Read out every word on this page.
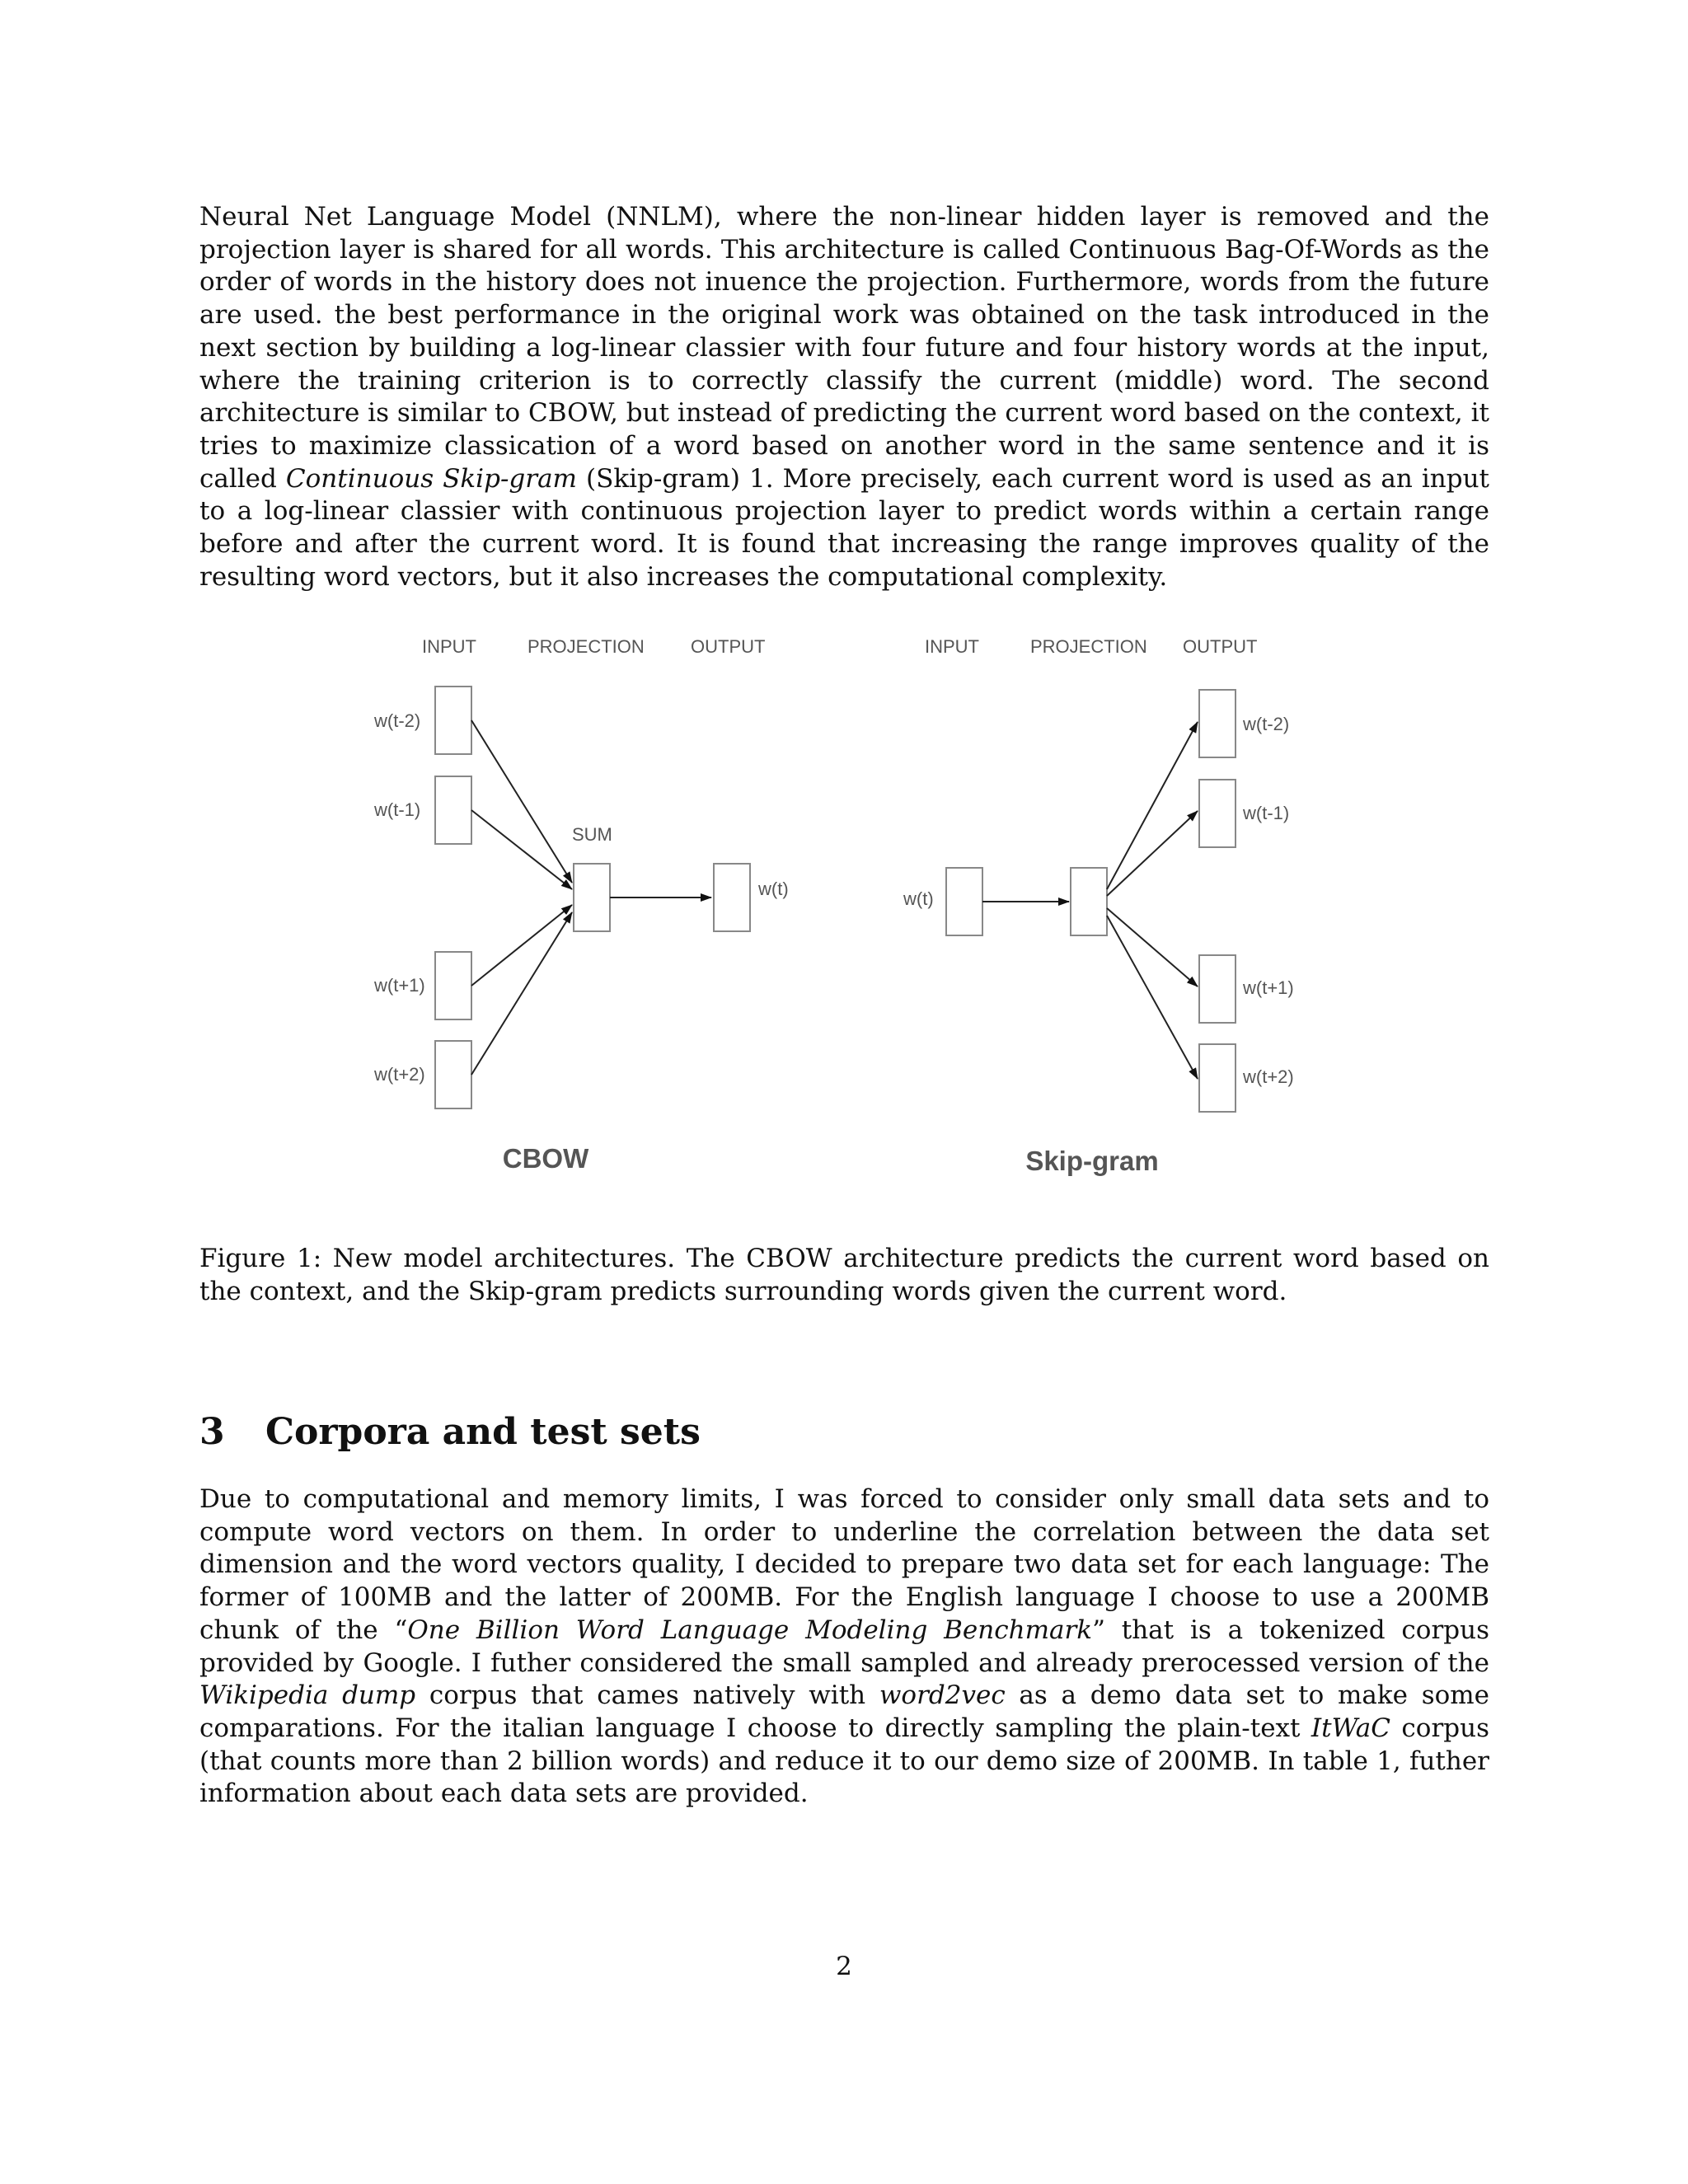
Neural Net Language Model (NNLM), where the non-linear hidden layer is removed and the projection layer is shared for all words. This architecture is called Continuous Bag-Of-Words as the order of words in the history does not inuence the projection. Furthermore, words from the future are used. the best performance in the original work was obtained on the task introduced in the next section by building a log-linear classier with four future and four history words at the input, where the training criterion is to correctly classify the current (middle) word. The second architecture is similar to CBOW, but instead of predicting the current word based on the context, it tries to maximize classication of a word based on another word in the same sentence and it is called Continuous Skip-gram (Skip-gram) 1. More precisely, each current word is used as an input to a log-linear classier with continuous projection layer to predict words within a certain range before and after the current word. It is found that increasing the range improves quality of the resulting word vectors, but it also increases the computational complexity.

INPUT	PROJECTION	OUTPUT
w(t-2)
w(t-1)
w(t+1)
w(t+2)
SUM
w(t)
INPUT	PROJECTION OUTPUT
w(t)
w(t-2)
w(t-1)
w(t+1)
w(t+2)
CBOW	Skip-gram

Figure 1: New model architectures. The CBOW architecture predicts the current word based on the context, and the Skip-gram predicts surrounding words given the current word.

3 Corpora and test sets

Due to computational and memory limits, I was forced to consider only small data sets and to compute word vectors on them. In order to underline the correlation between the data set dimension and the word vectors quality, I decided to prepare two data set for each language: The former of 100MB and the latter of 200MB. For the English language I choose to use a 200MB chunk of the “One Billion Word Language Modeling Benchmark” that is a tokenized corpus provided by Google. I futher considered the small sampled and already prerocessed version of the Wikipedia dump corpus that cames natively with word2vec as a demo data set to make some comparations. For the italian language I choose to directly sampling the plain-text ItWaC corpus (that counts more than 2 billion words) and reduce it to our demo size of 200MB. In table 1, futher information about each data sets are provided.

2
